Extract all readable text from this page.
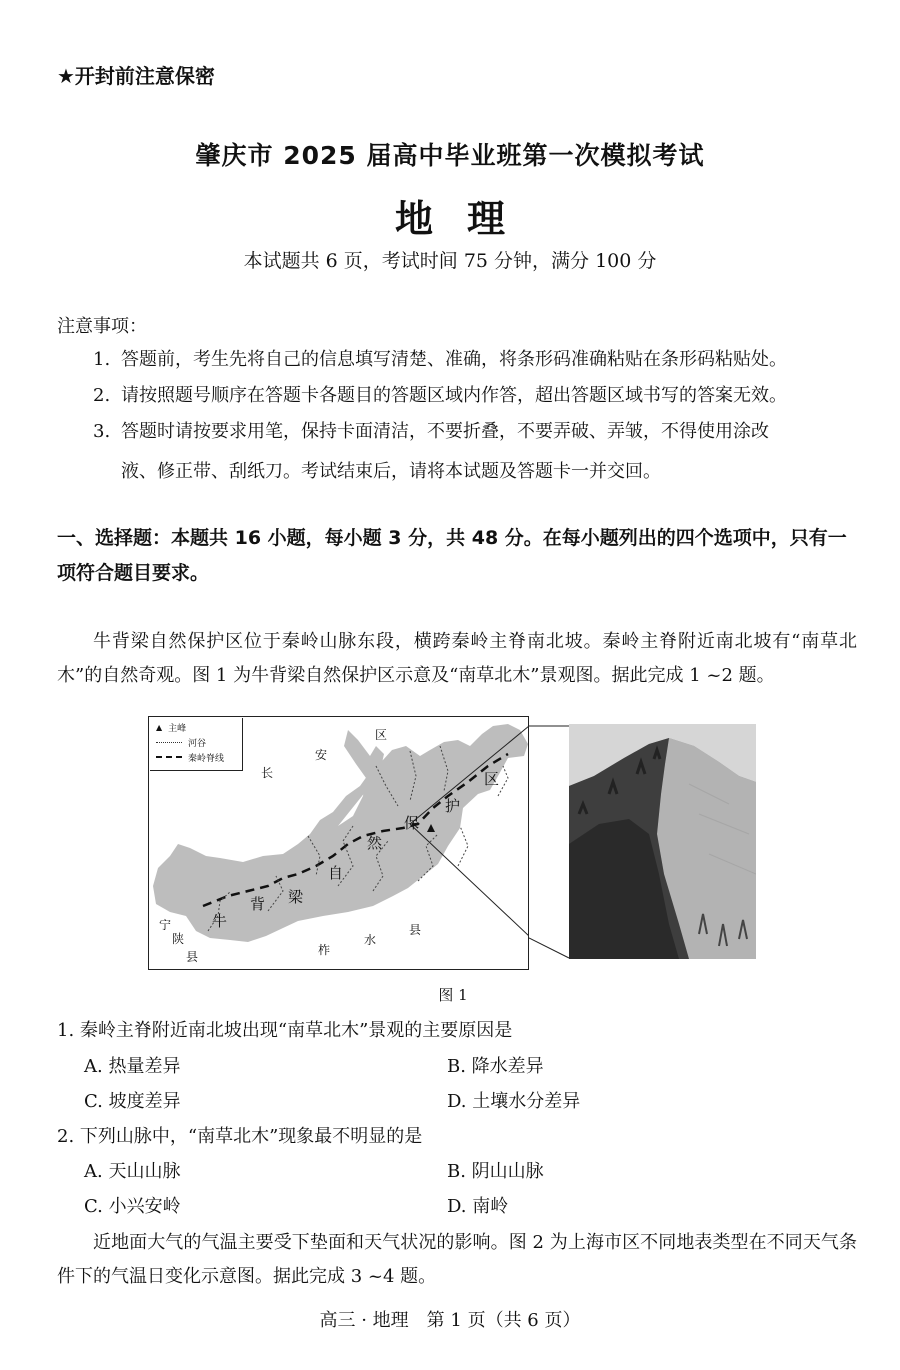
★开封前注意保密
肇庆市 2025 届高中毕业班第一次模拟考试
地理
本试题共 6 页，考试时间 75 分钟，满分 100 分
注意事项：
1. 答题前，考生先将自己的信息填写清楚、准确，将条形码准确粘贴在条形码粘贴处。
2. 请按照题号顺序在答题卡各题目的答题区域内作答，超出答题区域书写的答案无效。
3. 答题时请按要求用笔，保持卡面清洁，不要折叠，不要弄破、弄皱，不得使用涂改
液、修正带、刮纸刀。考试结束后，请将本试题及答题卡一并交回。
一、选择题：本题共 16 小题，每小题 3 分，共 48 分。在每小题列出的四个选项中，只有一项符合题目要求。
牛背梁自然保护区位于秦岭山脉东段，横跨秦岭主脊南北坡。秦岭主脊附近南北坡有“南草北木”的自然奇观。图 1 为牛背梁自然保护区示意及“南草北木”景观图。据此完成 1 ~2 题。
▲ 主峰
河谷
秦岭脊线
长
安
区
宁
陕
县	柞
水
县
牛
背 梁
自
然
保
护
区
图 1
1. 秦岭主脊附近南北坡出现“南草北木”景观的主要原因是
A. 热量差异	B. 降水差异
C. 坡度差异	D. 土壤水分差异
2. 下列山脉中，“南草北木”现象最不明显的是
A. 天山山脉	B. 阴山山脉
C. 小兴安岭	D. 南岭
近地面大气的气温主要受下垫面和天气状况的影响。图 2 为上海市区不同地表类型在不同天气条件下的气温日变化示意图。据此完成 3 ~4 题。
高三 · 地理　第 1 页（共 6 页）
